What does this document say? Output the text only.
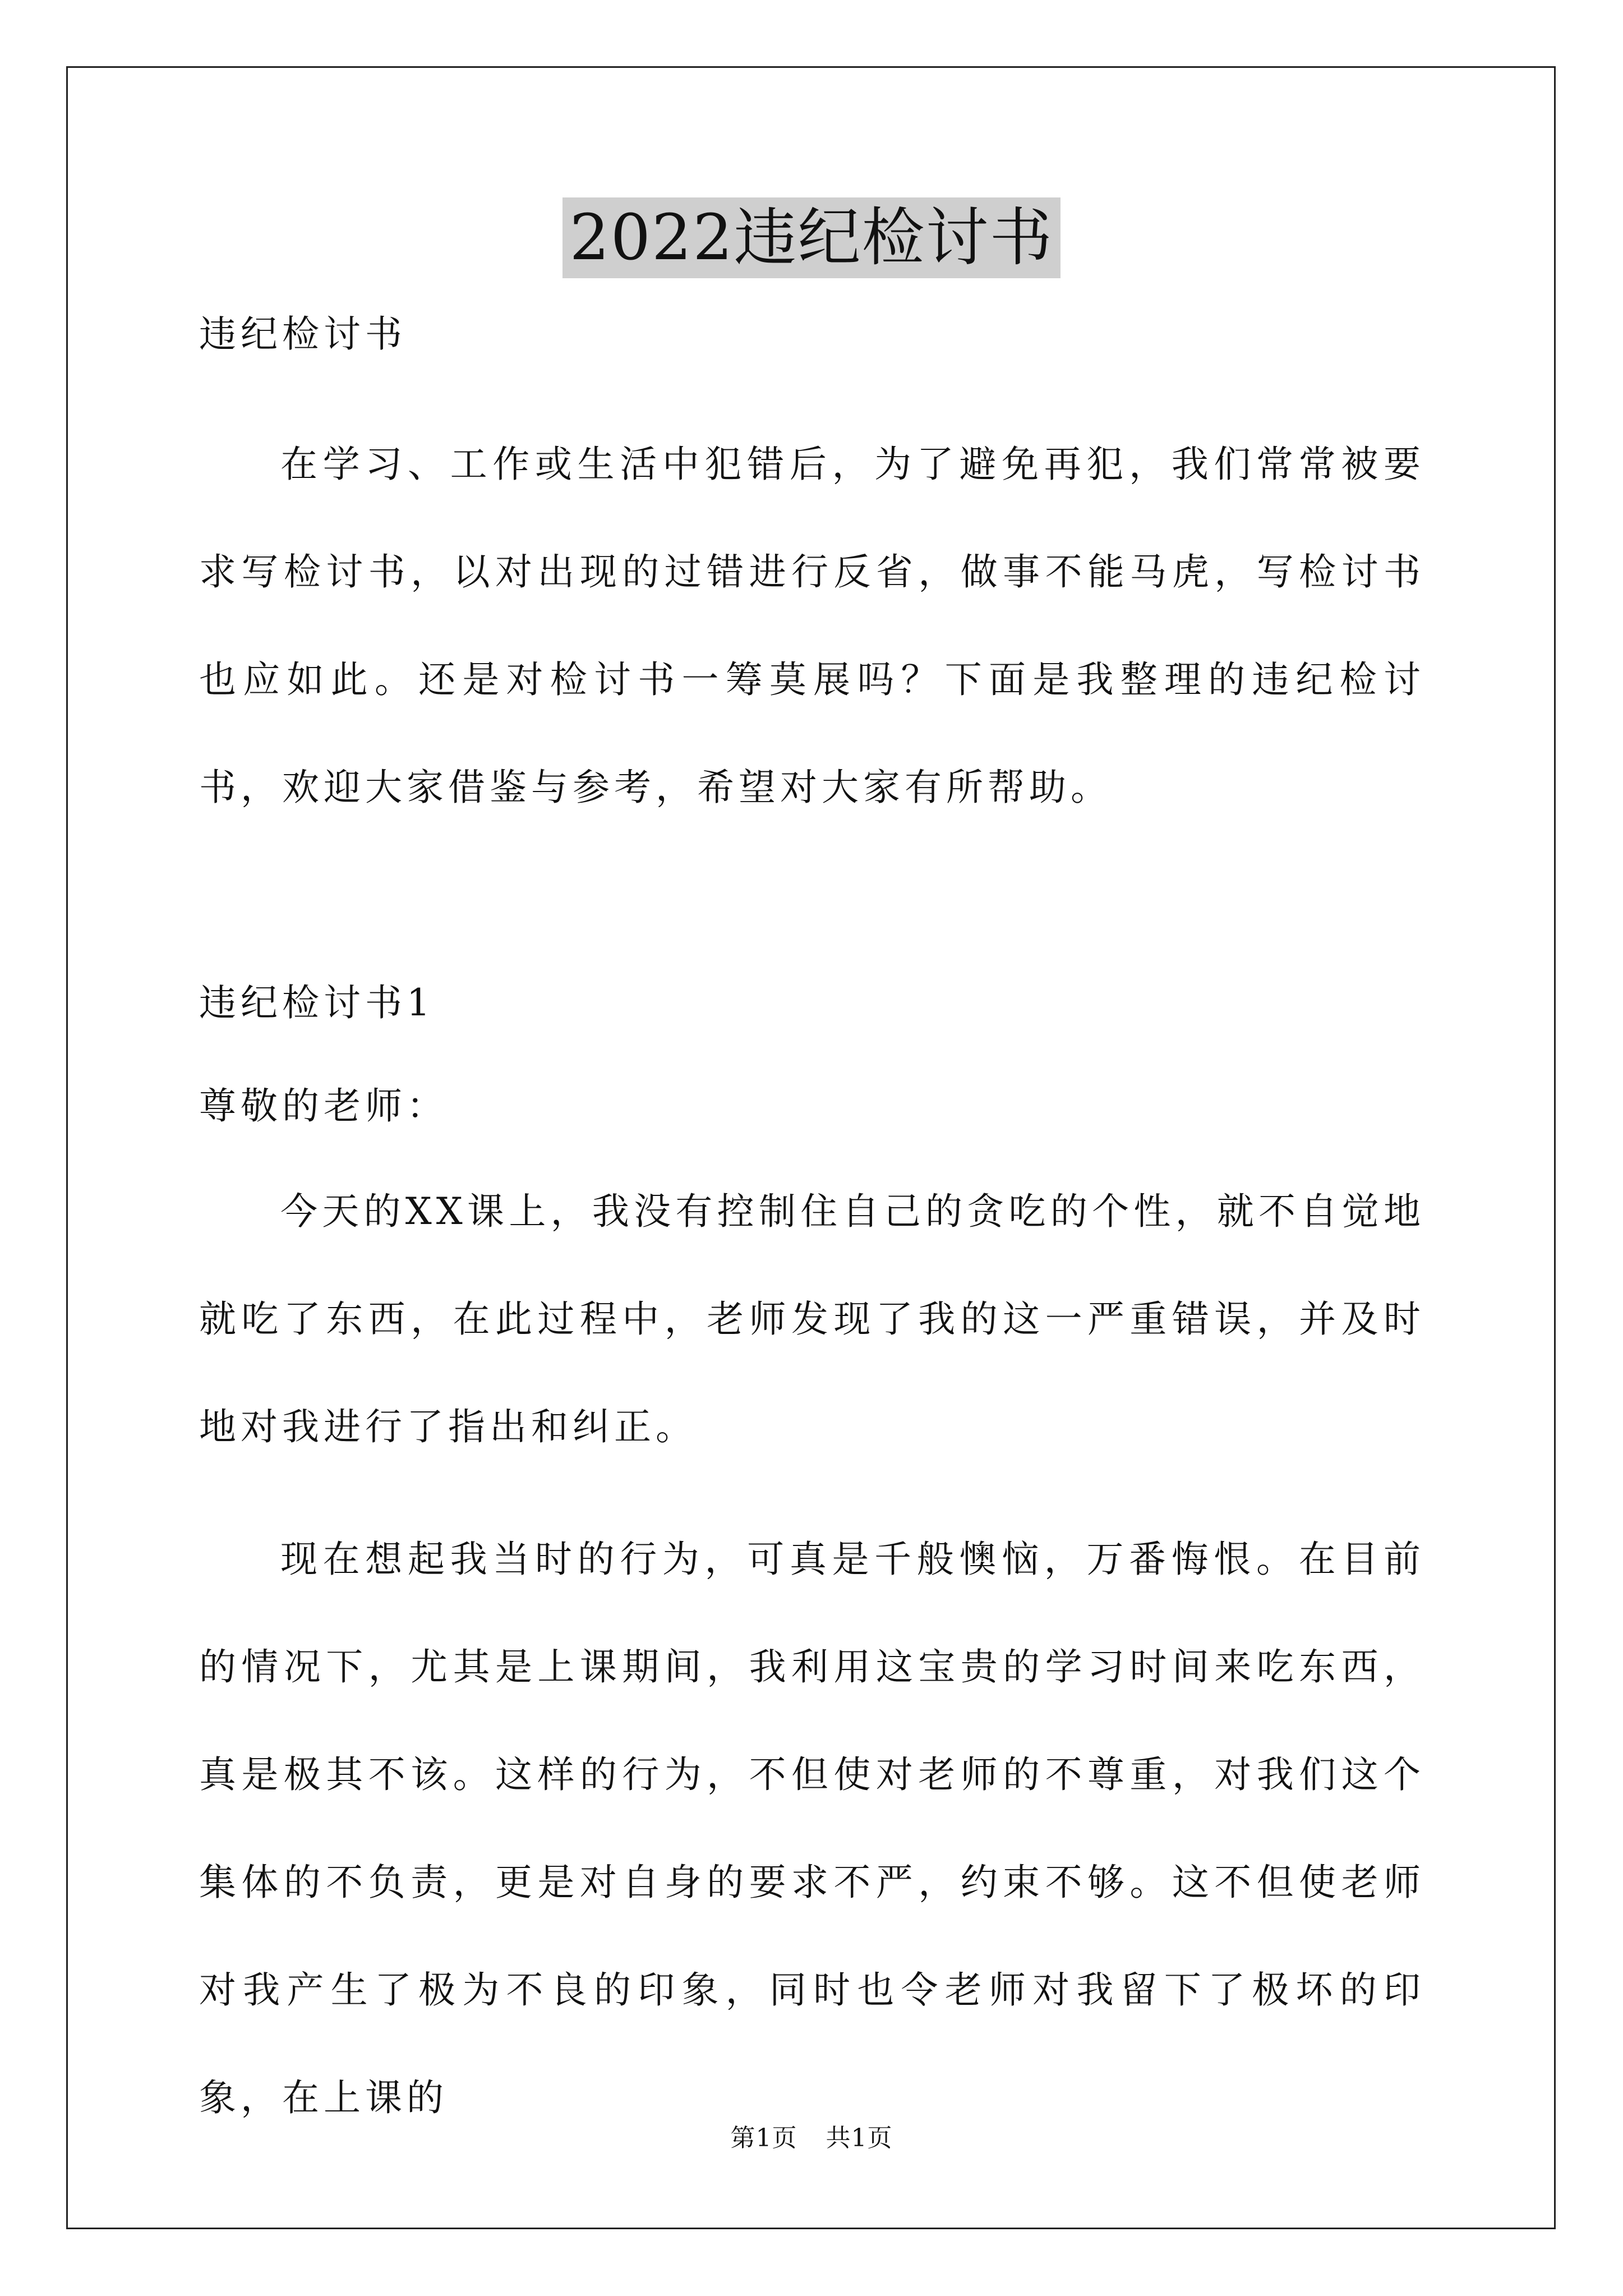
2022违纪检讨书

违纪检讨书

在学习、工作或生活中犯错后，为了避免再犯，我们常常被要求写检讨书，以对出现的过错进行反省，做事不能马虎，写检讨书也应如此。还是对检讨书一筹莫展吗？下面是我整理的违纪检讨书，欢迎大家借鉴与参考，希望对大家有所帮助。

违纪检讨书1

尊敬的老师：

今天的XX课上，我没有控制住自己的贪吃的个性，就不自觉地就吃了东西，在此过程中，老师发现了我的这一严重错误，并及时地对我进行了指出和纠正。

现在想起我当时的行为，可真是千般懊恼，万番悔恨。在目前的情况下，尤其是上课期间，我利用这宝贵的学习时间来吃东西，真是极其不该。这样的行为，不但使对老师的不尊重，对我们这个集体的不负责，更是对自身的要求不严，约束不够。这不但使老师对我产生了极为不良的印象，同时也令老师对我留下了极坏的印象，在上课的

第1页 共1页
